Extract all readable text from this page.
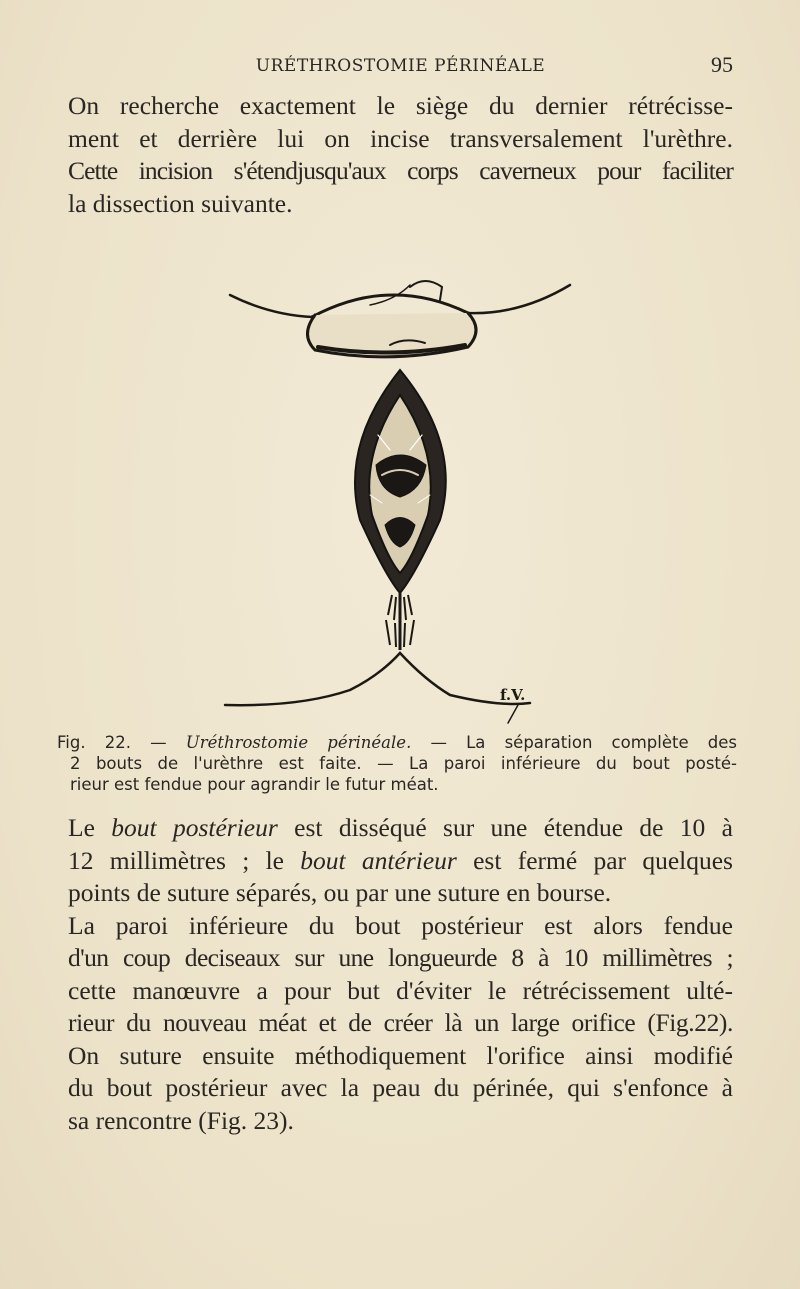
URÉTHROSTOMIE PÉRINÉALE	95
On recherche exactement le siège du dernier rétrécisse-
ment et derrière lui on incise transversalement l'urèthre.
Cette incision s'étendjusqu'aux corps caverneux pour faciliter
la dissection suivante.
f.V.
Fig. 22. — Uréthrostomie périnéale. — La séparation complète des
2 bouts de l'urèthre est faite. — La paroi inférieure du bout posté-
rieur est fendue pour agrandir le futur méat.
Le bout postérieur est disséqué sur une étendue de 10 à
12 millimètres ; le bout antérieur est fermé par quelques
points de suture séparés, ou par une suture en bourse.
La paroi inférieure du bout postérieur est alors fendue
d'un coup deciseaux sur une longueurde 8 à 10 millimètres ;
cette manœuvre a pour but d'éviter le rétrécissement ulté-
rieur du nouveau méat et de créer là un large orifice (Fig.22).
On suture ensuite méthodiquement l'orifice ainsi modifié
du bout postérieur avec la peau du périnée, qui s'enfonce à
sa rencontre (Fig. 23).
